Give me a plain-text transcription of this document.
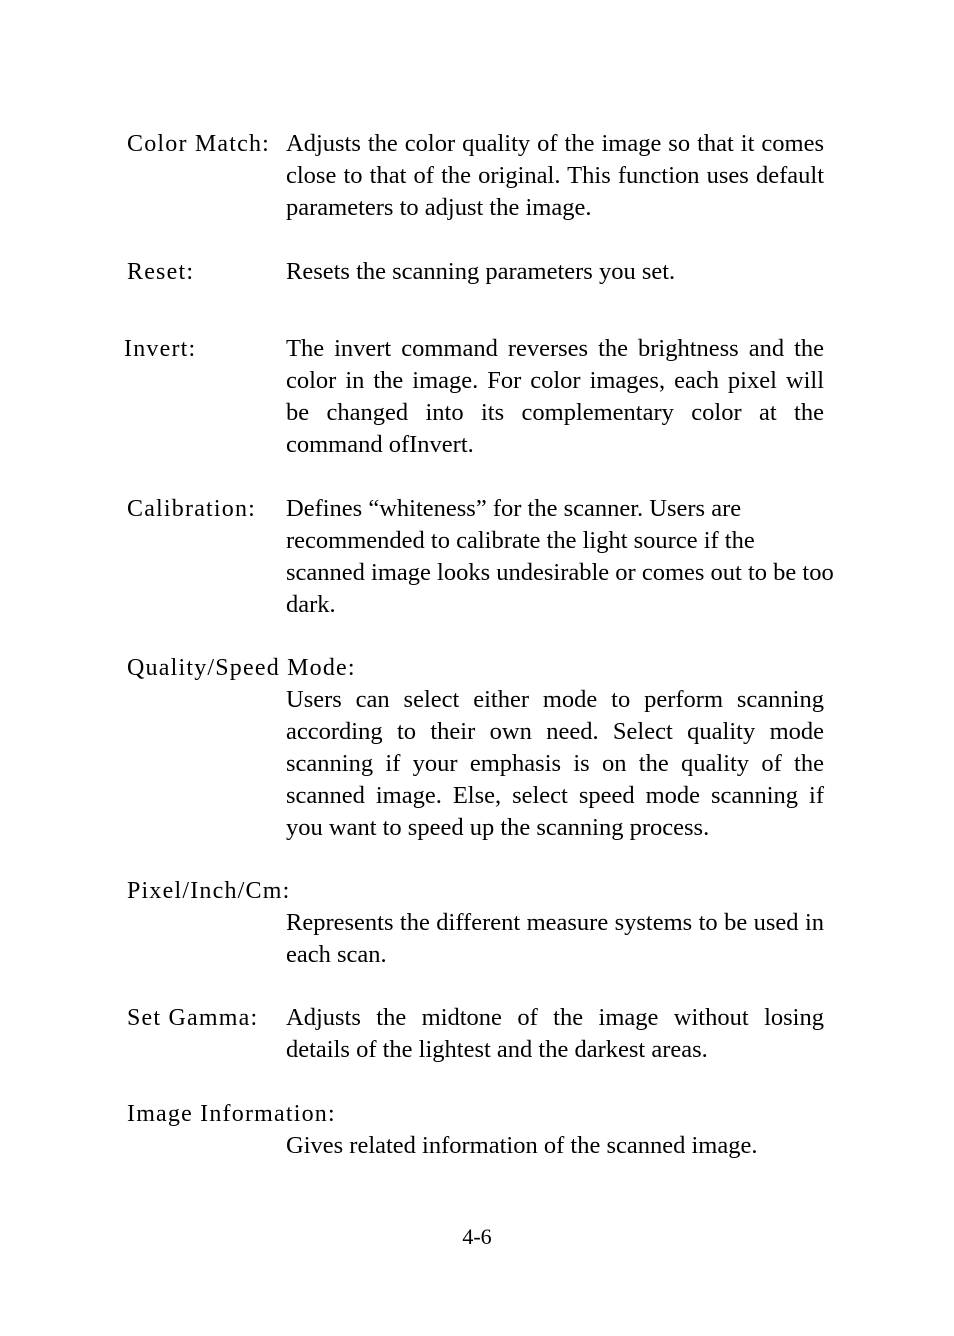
Color Match: Adjusts the color quality of the image so that it comes close to that of the original. This function uses default parameters to adjust the image.
Reset:	Resets the scanning parameters you set.
Invert:	The invert command reverses the brightness and the color in the image. For color images, each pixel will be changed into its complementary color at the command ofInvert.
Calibration: Defines “whiteness” for the scanner. Users are recommended to calibrate the light source if the scanned image looks undesirable or comes out to be too dark.
Quality/Speed Mode:
Users can select either mode to perform scanning according to their own need. Select quality mode scanning if your emphasis is on the quality of the scanned image. Else, select speed mode scanning if you want to speed up the scanning process.
Pixel/Inch/Cm:
Represents the different measure systems to be used in each scan.
Set Gamma: Adjusts the midtone of the image without losing details of the lightest and the darkest areas.
Image Information:
Gives related information of the scanned image.
4-6
